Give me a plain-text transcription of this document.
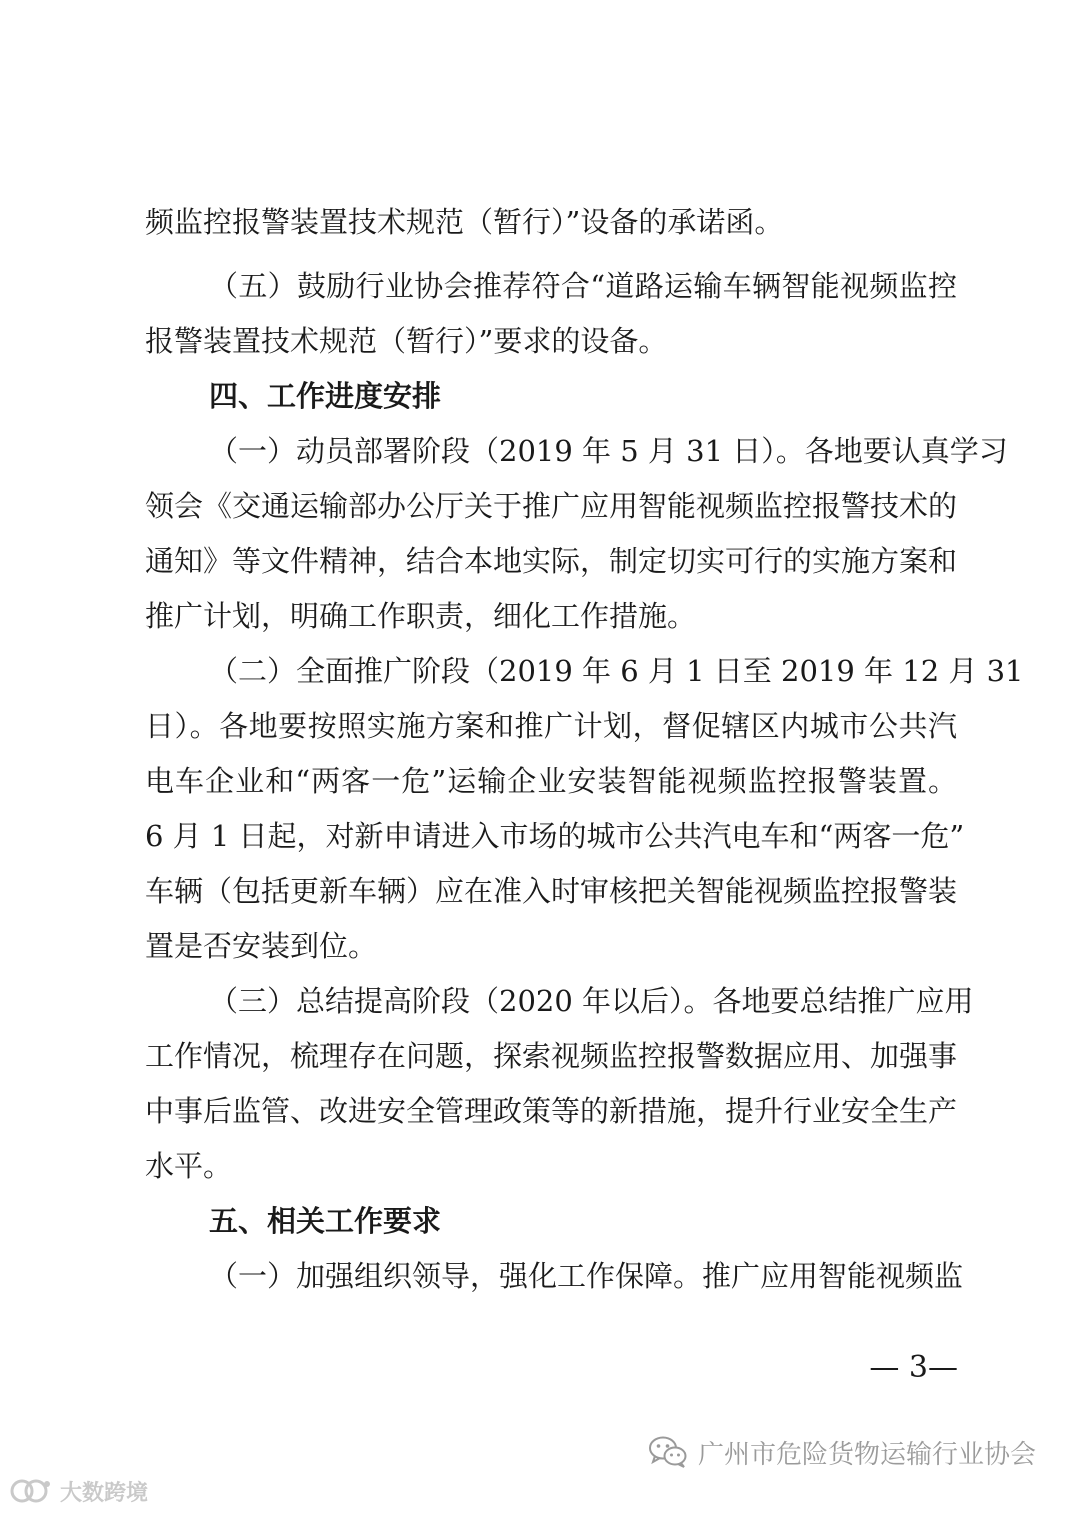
频监控报警装置技术规范（暂行）”设备的承诺函。
（五）鼓励行业协会推荐符合“道路运输车辆智能视频监控
报警装置技术规范（暂行）”要求的设备。
四、工作进度安排
（一）动员部署阶段（2019 年 5 月 31 日）。各地要认真学习
领会《交通运输部办公厅关于推广应用智能视频监控报警技术的
通知》等文件精神，结合本地实际，制定切实可行的实施方案和
推广计划，明确工作职责，细化工作措施。
（二）全面推广阶段（2019 年 6 月 1 日至 2019 年 12 月 31
日）。各地要按照实施方案和推广计划，督促辖区内城市公共汽
电车企业和“两客一危”运输企业安装智能视频监控报警装置。
6 月 1 日起，对新申请进入市场的城市公共汽电车和“两客一危”
车辆（包括更新车辆）应在准入时审核把关智能视频监控报警装
置是否安装到位。
（三）总结提高阶段（2020 年以后）。各地要总结推广应用
工作情况，梳理存在问题，探索视频监控报警数据应用、加强事
中事后监管、改进安全管理政策等的新措施，提升行业安全生产
水平。
五、相关工作要求
（一）加强组织领导，强化工作保障。推广应用智能视频监
— 3—
广州市危险货物运输行业协会
大数跨境
